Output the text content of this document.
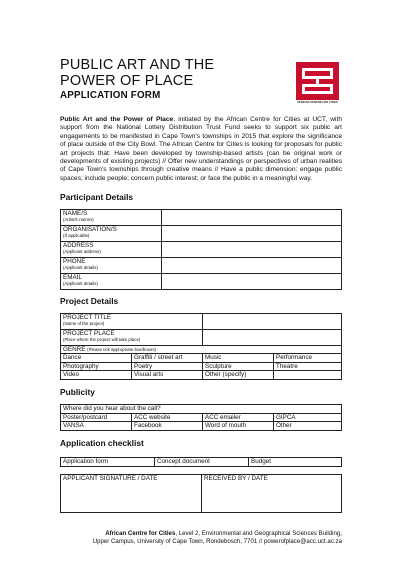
PUBLIC ART AND THE
POWER OF PLACE
APPLICATION FORM
AFRICAN CENTRE FOR CITIES
Public Art and the Power of Place, initiated by the African Centre for Cities at UCT, with support from the National Lottery Distribution Trust Fund seeks to support six public art engagements to be manifested in Cape Town's townships in 2015 that explore the significance of place outside of the City Bowl. The African Centre for Cities is looking for proposals for public art projects that: Have been developed by township-based artists (can be original work or developments of existing projects) // Offer new understandings or perspectives of urban realities of Cape Town's townships through creative means // Have a public dimension: engage public spaces; include people; concern public interest; or face the public in a meaningful way.
Participant Details
NAME/S
(Artist/s names)	

ORGANISATION/S
(If applicable)	

ADDRESS
(Applicant address)	

PHONE
(Applicant details)	

EMAIL
(Applicant details)	

Project Details
PROJECT TITLE
(Name of the project)			

PROJECT PLACE
(Place where the project will take place)			

GENRE (Please tick appropriate box/boxes)			
Dance	Graffiti / street art	Music	Performance
Photography	Poetry	Sculpture	Theatre
Video	Visual arts	Other (specify)	
Publicity
Where did you hear about the call?			
Poster/postcard	ACC website	ACC emailer	GIPCA
VANSA	Facebook	Word of mouth	Other
Application checklist
Application form	Concept document	Budget
APPLICANT SIGNATURE / DATE	RECEIVED BY / DATE
African Centre for Cities, Level 2, Environmental and Geographical Sciences Building,
Upper Campus, University of Cape Town, Rondebosch, 7701 // powerofplace@acc.uct.ac.za
